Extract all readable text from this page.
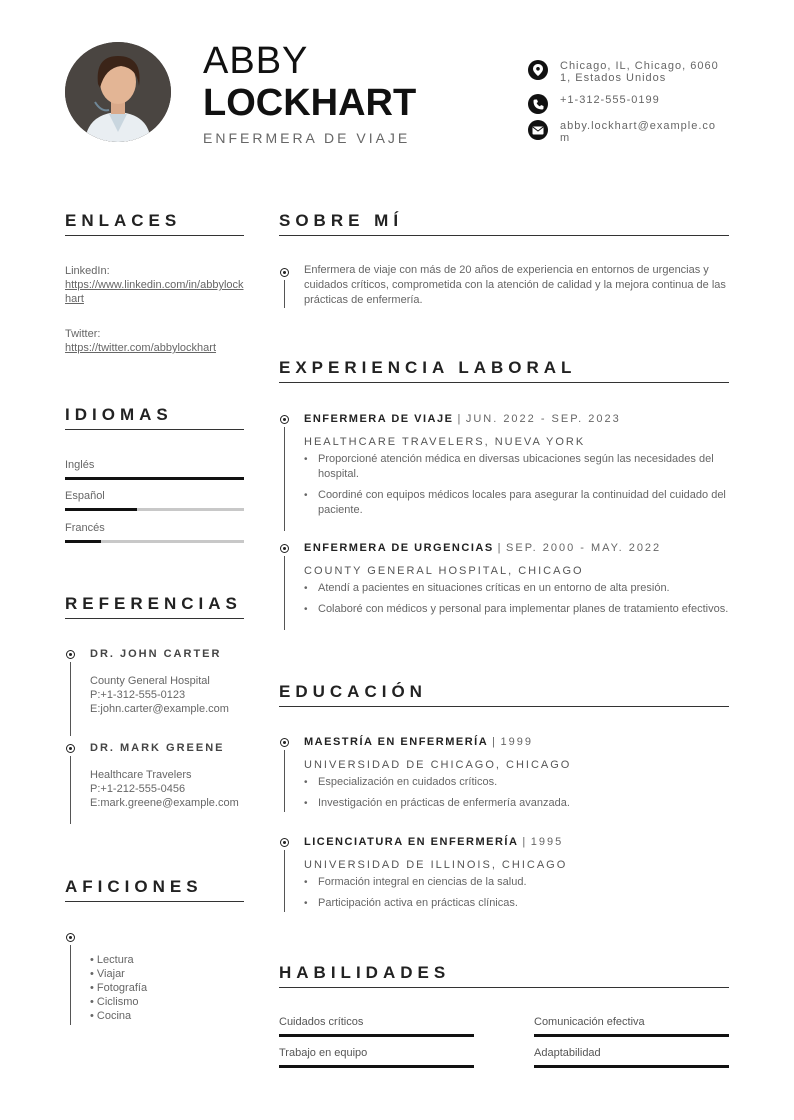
ABBY
LOCKHART
ENFERMERA DE VIAJE
Chicago, IL, Chicago, 60601, Estados Unidos
+1-312-555-0199
abby.lockhart@example.com
ENLACES
LinkedIn:
https://www.linkedin.com/in/abbylockhart
Twitter:
https://twitter.com/abbylockhart
IDIOMAS
Inglés
Español
Francés
REFERENCIAS
DR. JOHN CARTER
County General Hospital
P:+1-312-555-0123
E:john.carter@example.com
DR. MARK GREENE
Healthcare Travelers
P:+1-212-555-0456
E:mark.greene@example.com
AFICIONES
• Lectura
• Viajar
• Fotografía
• Ciclismo
• Cocina
SOBRE MÍ
Enfermera de viaje con más de 20 años de experiencia en entornos de urgencias y cuidados críticos, comprometida con la atención de calidad y la mejora continua de las prácticas de enfermería.
EXPERIENCIA LABORAL
ENFERMERA DE VIAJE | JUN. 2022 - SEP. 2023
HEALTHCARE TRAVELERS, NUEVA YORK
• Proporcioné atención médica en diversas ubicaciones según las necesidades del hospital.
• Coordiné con equipos médicos locales para asegurar la continuidad del cuidado del paciente.
ENFERMERA DE URGENCIAS | SEP. 2000 - MAY. 2022
COUNTY GENERAL HOSPITAL, CHICAGO
• Atendí a pacientes en situaciones críticas en un entorno de alta presión.
• Colaboré con médicos y personal para implementar planes de tratamiento efectivos.
EDUCACIÓN
MAESTRÍA EN ENFERMERÍA | 1999
UNIVERSIDAD DE CHICAGO, CHICAGO
• Especialización en cuidados críticos.
• Investigación en prácticas de enfermería avanzada.
LICENCIATURA EN ENFERMERÍA | 1995
UNIVERSIDAD DE ILLINOIS, CHICAGO
• Formación integral en ciencias de la salud.
• Participación activa en prácticas clínicas.
HABILIDADES
Cuidados críticos	Comunicación efectiva
Trabajo en equipo	Adaptabilidad
